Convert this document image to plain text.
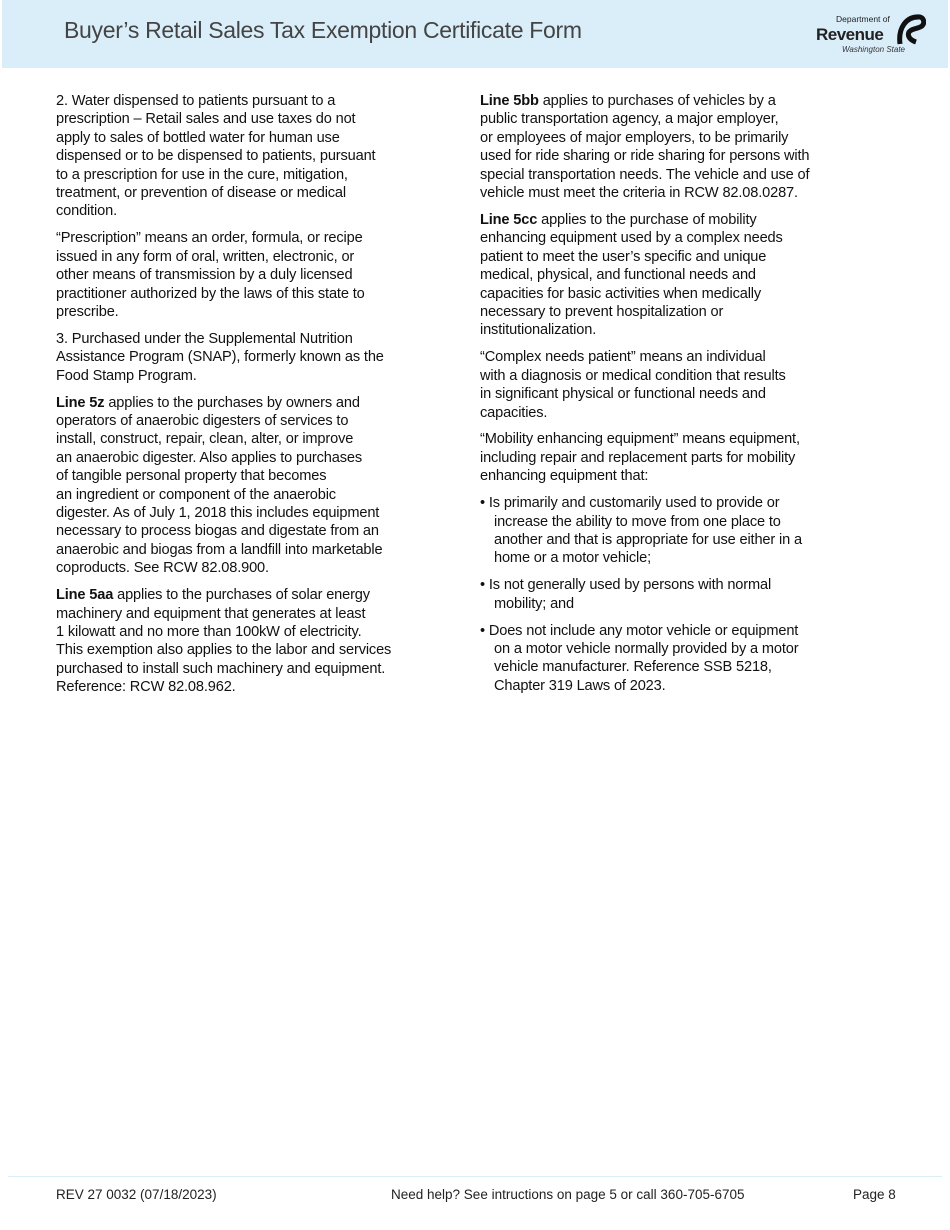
Buyer’s Retail Sales Tax Exemption Certificate Form	Department of
Revenue
Washington State

2. Water dispensed to patients pursuant to a
prescription – Retail sales and use taxes do not
apply to sales of bottled water for human use
dispensed or to be dispensed to patients, pursuant
to a prescription for use in the cure, mitigation,
treatment, or prevention of disease or medical
condition.

“Prescription” means an order, formula, or recipe
issued in any form of oral, written, electronic, or
other means of transmission by a duly licensed
practitioner authorized by the laws of this state to
prescribe.

3. Purchased under the Supplemental Nutrition
Assistance Program (SNAP), formerly known as the
Food Stamp Program.

Line 5z applies to the purchases by owners and
operators of anaerobic digesters of services to
install, construct, repair, clean, alter, or improve
an anaerobic digester. Also applies to purchases
of tangible personal property that becomes
an ingredient or component of the anaerobic
digester. As of July 1, 2018 this includes equipment
necessary to process biogas and digestate from an
anaerobic and biogas from a landfill into marketable
coproducts. See RCW 82.08.900.

Line 5aa applies to the purchases of solar energy
machinery and equipment that generates at least
1 kilowatt and no more than 100kW of electricity.
This exemption also applies to the labor and services
purchased to install such machinery and equipment.
Reference: RCW 82.08.962.

Line 5bb applies to purchases of vehicles by a
public transportation agency, a major employer,
or employees of major employers, to be primarily
used for ride sharing or ride sharing for persons with
special transportation needs. The vehicle and use of
vehicle must meet the criteria in RCW 82.08.0287.

Line 5cc applies to the purchase of mobility
enhancing equipment used by a complex needs
patient to meet the user’s specific and unique
medical, physical, and functional needs and
capacities for basic activities when medically
necessary to prevent hospitalization or
institutionalization.

“Complex needs patient” means an individual
with a diagnosis or medical condition that results
in significant physical or functional needs and
capacities.

“Mobility enhancing equipment” means equipment,
including repair and replacement parts for mobility
enhancing equipment that:

• Is primarily and customarily used to provide or
increase the ability to move from one place to
another and that is appropriate for use either in a
home or a motor vehicle;

• Is not generally used by persons with normal
mobility; and

• Does not include any motor vehicle or equipment
on a motor vehicle normally provided by a motor
vehicle manufacturer. Reference SSB 5218,
Chapter 319 Laws of 2023.

REV 27 0032 (07/18/2023)	Need help? See intructions on page 5 or call 360-705-6705	Page 8
